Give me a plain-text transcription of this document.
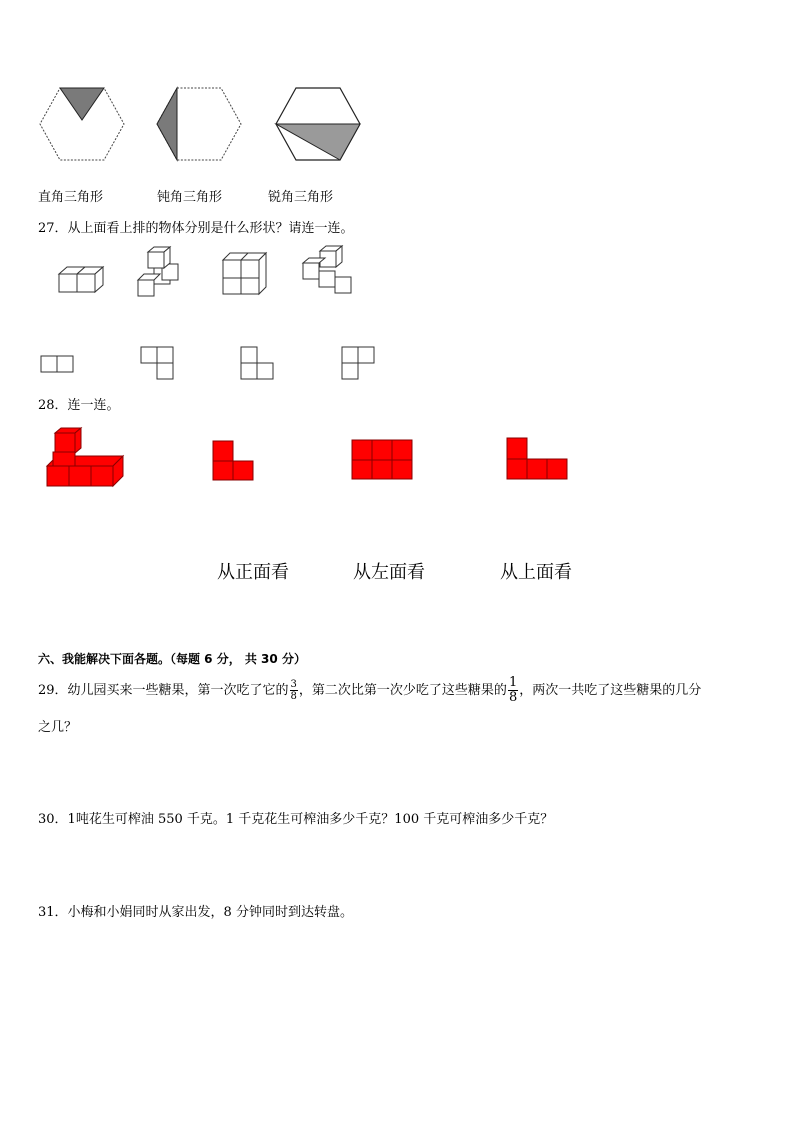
直角三角形	钝角三角形	锐角三角形
27．从上面看上排的物体分别是什么形状？请连一连。
28．连一连。
从正面看	从左面看	从上面看
六、我能解决下面各题。（每题 6 分， 共 30 分）
29．幼儿园买来一些糖果，第一次吃了它的 $\frac{3}{8}$ ，第二次比第一次少吃了这些糖果的 $\frac{1}{8}$ ，两次一共吃了这些糖果的几分
之几？
30．1吨花生可榨油 550 千克。1 千克花生可榨油多少千克？100 千克可榨油多少千克？
31．小梅和小娟同时从家出发，8 分钟同时到达转盘。
